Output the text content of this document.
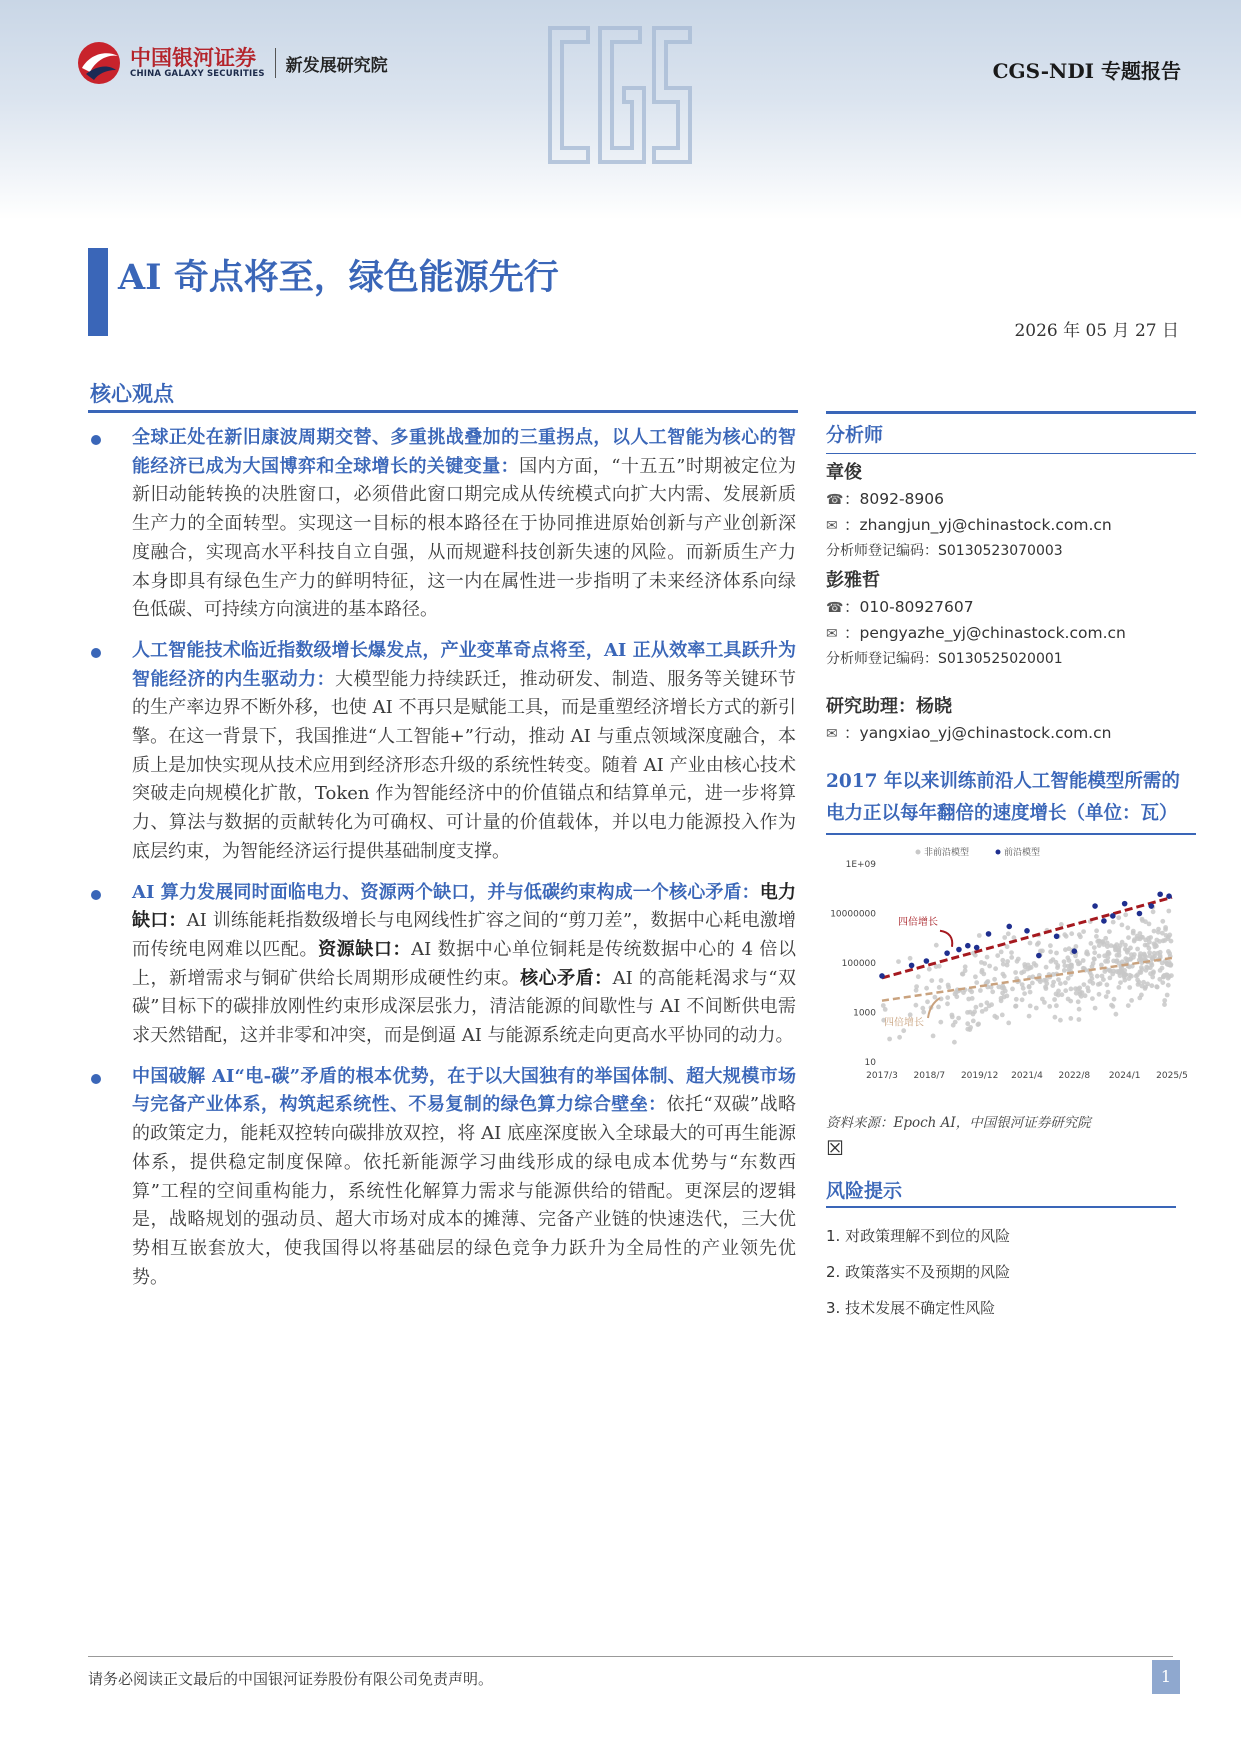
中国银河证券
CHINA GALAXY SECURITIES 新发展研究院	CGS-NDI 专题报告
AI 奇点将至，绿色能源先行
2026 年 05 月 27 日
核心观点

全球正处在新旧康波周期交替、多重挑战叠加的三重拐点，以人工智能为核心的智能经济已成为大国博弈和全球增长的关键变量：国内方面，“十五五”时期被定位为新旧动能转换的决胜窗口，必须借此窗口期完成从传统模式向扩大内需、发展新质生产力的全面转型。实现这一目标的根本路径在于协同推进原始创新与产业创新深度融合，实现高水平科技自立自强，从而规避科技创新失速的风险。而新质生产力本身即具有绿色生产力的鲜明特征，这一内在属性进一步指明了未来经济体系向绿色低碳、可持续方向演进的基本路径。

人工智能技术临近指数级增长爆发点，产业变革奇点将至，AI 正从效率工具跃升为智能经济的内生驱动力：大模型能力持续跃迁，推动研发、制造、服务等关键环节的生产率边界不断外移，也使 AI 不再只是赋能工具，而是重塑经济增长方式的新引擎。在这一背景下，我国推进“人工智能+”行动，推动 AI 与重点领域深度融合，本质上是加快实现从技术应用到经济形态升级的系统性转变。随着 AI 产业由核心技术突破走向规模化扩散，Token 作为智能经济中的价值锚点和结算单元，进一步将算力、算法与数据的贡献转化为可确权、可计量的价值载体，并以电力能源投入作为底层约束，为智能经济运行提供基础制度支撑。

AI 算力发展同时面临电力、资源两个缺口，并与低碳约束构成一个核心矛盾：电力缺口：AI 训练能耗指数级增长与电网线性扩容之间的“剪刀差”，数据中心耗电激增而传统电网难以匹配。资源缺口：AI 数据中心单位铜耗是传统数据中心的 4 倍以上，新增需求与铜矿供给长周期形成硬性约束。核心矛盾：AI 的高能耗渴求与“双碳”目标下的碳排放刚性约束形成深层张力，清洁能源的间歇性与 AI 不间断供电需求天然错配，这并非零和冲突，而是倒逼 AI 与能源系统走向更高水平协同的动力。

中国破解 AI“电-碳”矛盾的根本优势，在于以大国独有的举国体制、超大规模市场与完备产业体系，构筑起系统性、不易复制的绿色算力综合壁垒：依托“双碳”战略的政策定力，能耗双控转向碳排放双控，将 AI 底座深度嵌入全球最大的可再生能源体系，提供稳定制度保障。依托新能源学习曲线形成的绿电成本优势与“东数西算”工程的空间重构能力，系统性化解算力需求与能源供给的错配。更深层的逻辑是，战略规划的强动员、超大市场对成本的摊薄、完备产业链的快速迭代，三大优势相互嵌套放大，使我国得以将基础层的绿色竞争力跃升为全局性的产业领先优势。

分析师
章俊
☎：8092-8906
✉ ：zhangjun_yj@chinastock.com.cn
分析师登记编码：S0130523070003
彭雅哲
☎：010-80927607
✉ ：pengyazhe_yj@chinastock.com.cn
分析师登记编码：S0130525020001
研究助理：杨晓
✉ ：yangxiao_yj@chinastock.com.cn
2017 年以来训练前沿人工智能模型所需的
电力正以每年翻倍的速度增长（单位：瓦）
1E+09
10000000
100000
1000
10
2017/3 2018/7 2019/12 2021/4 2022/8 2024/1 2025/5
非前沿模型	前沿模型
四倍增长
四倍增长
资料来源：Epoch AI，中国银河证券研究院
☒
风险提示
1. 对政策理解不到位的风险
2. 政策落实不及预期的风险
3. 技术发展不确定性风险
请务必阅读正文最后的中国银河证券股份有限公司免责声明。	1
